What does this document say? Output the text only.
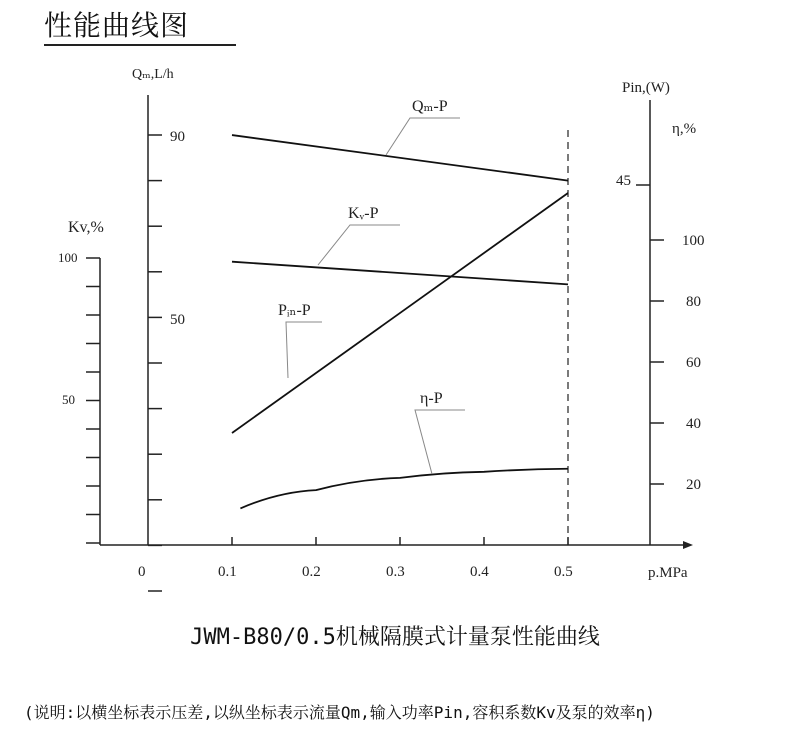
性能曲线图
Qₘ,L/h
Kv,%
Pin,(W)
η,%
p.MPa
90
50
100
50
45
100
80
60
40
20
0	0.1	0.2	0.3	0.4	0.5
Qₘ-P
Kᵥ-P
Pᵢₙ-P
η-P
JWM-B80/0.5机械隔膜式计量泵性能曲线
(说明:以横坐标表示压差,以纵坐标表示流量Qm,输入功率Pin,容积系数Kv及泵的效率η)
